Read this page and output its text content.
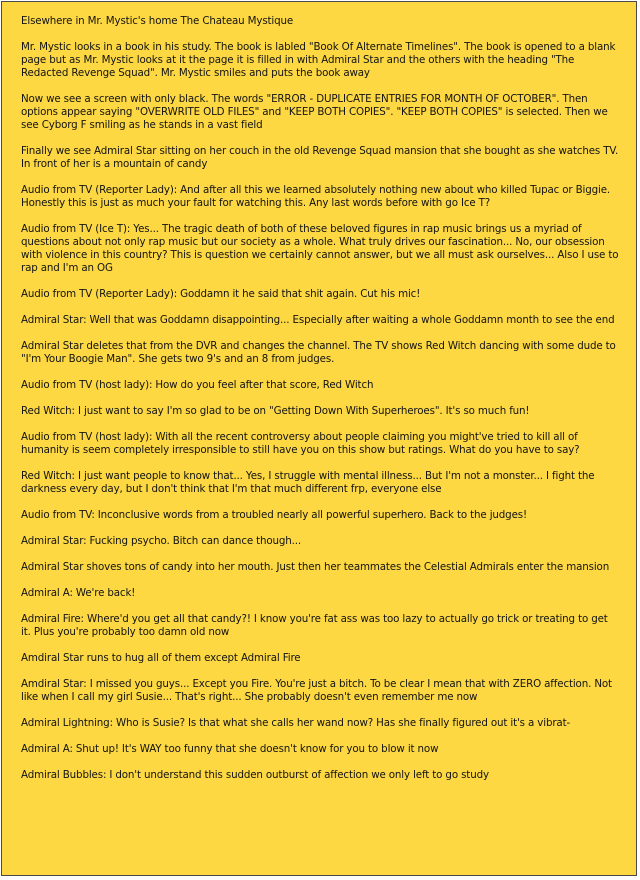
Elsewhere in Mr. Mystic's home The Chateau Mystique

Mr. Mystic looks in a book in his study. The book is labled "Book Of Alternate Timelines". The book is opened to a blank page but as Mr. Mystic looks at it the page it is filled in with Admiral Star and the others with the heading "The Redacted Revenge Squad". Mr. Mystic smiles and puts the book away

Now we see a screen with only black. The words "ERROR - DUPLICATE ENTRIES FOR MONTH OF OCTOBER". Then options appear saying "OVERWRITE OLD FILES" and "KEEP BOTH COPIES". "KEEP BOTH COPIES" is selected. Then we see Cyborg F smiling as he stands in a vast field

Finally we see Admiral Star sitting on her couch in the old Revenge Squad mansion that she bought as she watches TV. In front of her is a mountain of candy

Audio from TV (Reporter Lady): And after all this we learned absolutely nothing new about who killed Tupac or Biggie. Honestly this is just as much your fault for watching this. Any last words before with go Ice T?

Audio from TV (Ice T): Yes... The tragic death of both of these beloved figures in rap music brings us a myriad of questions about not only rap music but our society as a whole. What truly drives our fascination... No, our obsession with violence in this country? This is question we certainly cannot answer, but we all must ask ourselves... Also I use to rap and I'm an OG

Audio from TV (Reporter Lady): Goddamn it he said that shit again. Cut his mic!

Admiral Star: Well that was Goddamn disappointing... Especially after waiting a whole Goddamn month to see the end

Admiral Star deletes that from the DVR and changes the channel. The TV shows Red Witch dancing with some dude to "I'm Your Boogie Man". She gets two 9's and an 8 from judges.

Audio from TV (host lady): How do you feel after that score, Red Witch

Red Witch: I just want to say I'm so glad to be on "Getting Down With Superheroes". It's so much fun!

Audio from TV (host lady): With all the recent controversy about people claiming you might've tried to kill all of humanity is seem completely irresponsible to still have you on this show but ratings. What do you have to say?

Red Witch: I just want people to know that... Yes, I struggle with mental illness... But I'm not a monster... I fight the darkness every day, but I don't think that I'm that much different frp, everyone else

Audio from TV: Inconclusive words from a troubled nearly all powerful superhero. Back to the judges!

Admiral Star: Fucking psycho. Bitch can dance though...

Admiral Star shoves tons of candy into her mouth. Just then her teammates the Celestial Admirals enter the mansion

Admiral A: We're back!

Admiral Fire: Where'd you get all that candy?! I know you're fat ass was too lazy to actually go trick or treating to get it. Plus you're probably too damn old now

Amdiral Star runs to hug all of them except Admiral Fire

Amdiral Star: I missed you guys... Except you Fire. You're just a bitch. To be clear I mean that with ZERO affection. Not like when I call my girl Susie... That's right... She probably doesn't even remember me now

Admiral Lightning: Who is Susie? Is that what she calls her wand now? Has she finally figured out it's a vibrat-

Admiral A: Shut up! It's WAY too funny that she doesn't know for you to blow it now

Admiral Bubbles: I don't understand this sudden outburst of affection we only left to go study
